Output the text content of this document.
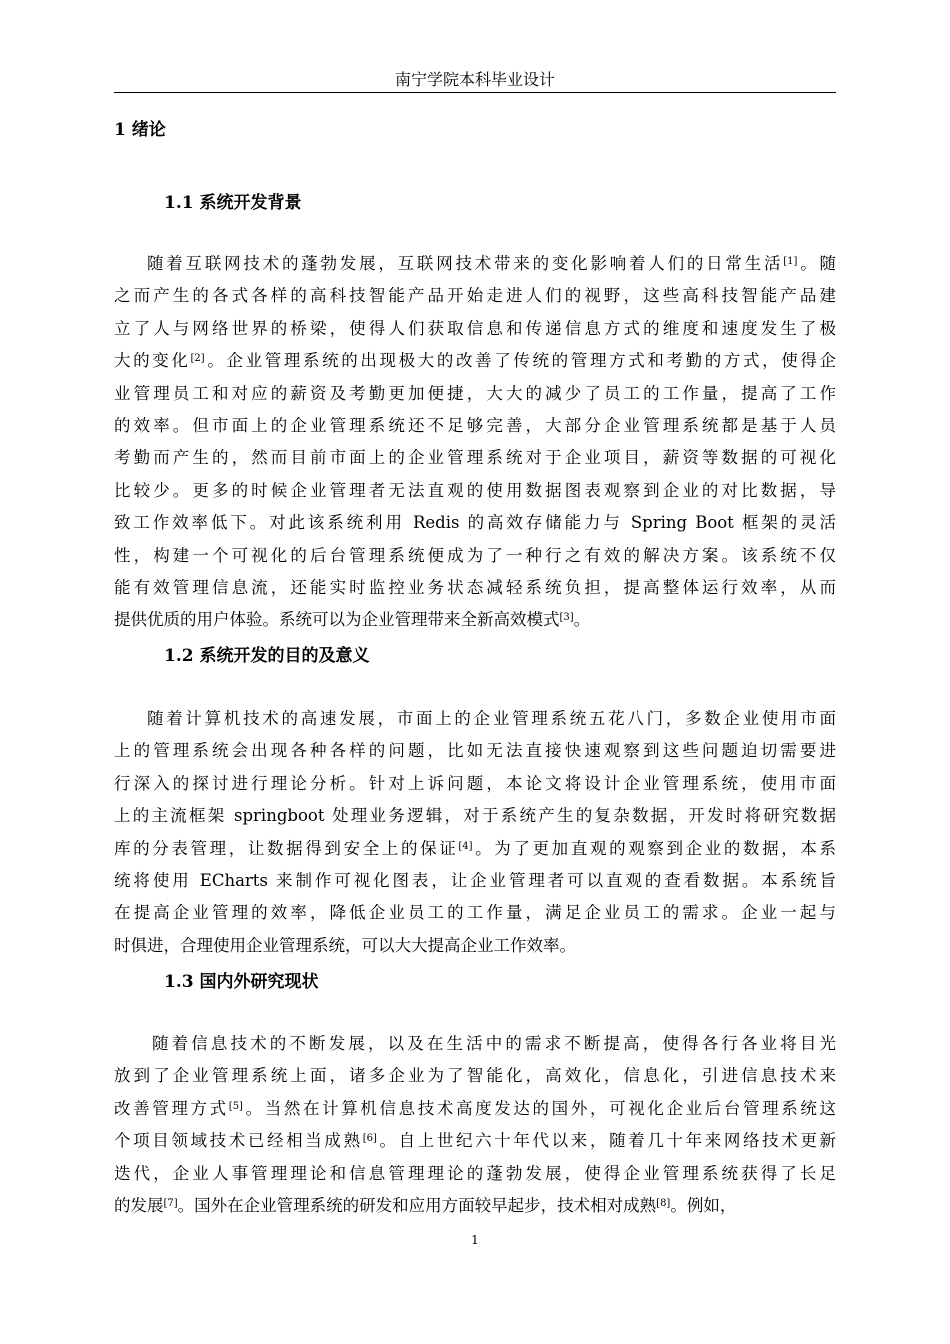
南宁学院本科毕业设计
1 绪论
1.1 系统开发背景
随着互联网技术的蓬勃发展，互联网技术带来的变化影响着人们的日常生活[1]。随
之而产生的各式各样的高科技智能产品开始走进人们的视野，这些高科技智能产品建
立了人与网络世界的桥梁，使得人们获取信息和传递信息方式的维度和速度发生了极
大的变化[2]。企业管理系统的出现极大的改善了传统的管理方式和考勤的方式，使得企
业管理员工和对应的薪资及考勤更加便捷，大大的减少了员工的工作量，提高了工作
的效率。但市面上的企业管理系统还不足够完善，大部分企业管理系统都是基于人员
考勤而产生的，然而目前市面上的企业管理系统对于企业项目，薪资等数据的可视化
比较少。更多的时候企业管理者无法直观的使用数据图表观察到企业的对比数据，导
致工作效率低下。对此该系统利用 Redis 的高效存储能力与 Spring Boot 框架的灵活
性，构建一个可视化的后台管理系统便成为了一种行之有效的解决方案。该系统不仅
能有效管理信息流，还能实时监控业务状态减轻系统负担，提高整体运行效率，从而
提供优质的用户体验。系统可以为企业管理带来全新高效模式[3]。
1.2 系统开发的目的及意义
随着计算机技术的高速发展，市面上的企业管理系统五花八门，多数企业使用市面
上的管理系统会出现各种各样的问题，比如无法直接快速观察到这些问题迫切需要进
行深入的探讨进行理论分析。针对上诉问题，本论文将设计企业管理系统，使用市面
上的主流框架 springboot 处理业务逻辑，对于系统产生的复杂数据，开发时将研究数据
库的分表管理，让数据得到安全上的保证[4]。为了更加直观的观察到企业的数据，本系
统将使用 ECharts 来制作可视化图表，让企业管理者可以直观的查看数据。本系统旨
在提高企业管理的效率，降低企业员工的工作量，满足企业员工的需求。企业一起与
时俱进，合理使用企业管理系统，可以大大提高企业工作效率。
1.3 国内外研究现状
随着信息技术的不断发展，以及在生活中的需求不断提高，使得各行各业将目光
放到了企业管理系统上面，诸多企业为了智能化，高效化，信息化，引进信息技术来
改善管理方式[5]。当然在计算机信息技术高度发达的国外，可视化企业后台管理系统这
个项目领域技术已经相当成熟[6]。自上世纪六十年代以来，随着几十年来网络技术更新
迭代，企业人事管理理论和信息管理理论的蓬勃发展，使得企业管理系统获得了长足
的发展[7]。国外在企业管理系统的研发和应用方面较早起步，技术相对成熟[8]。例如，
1
